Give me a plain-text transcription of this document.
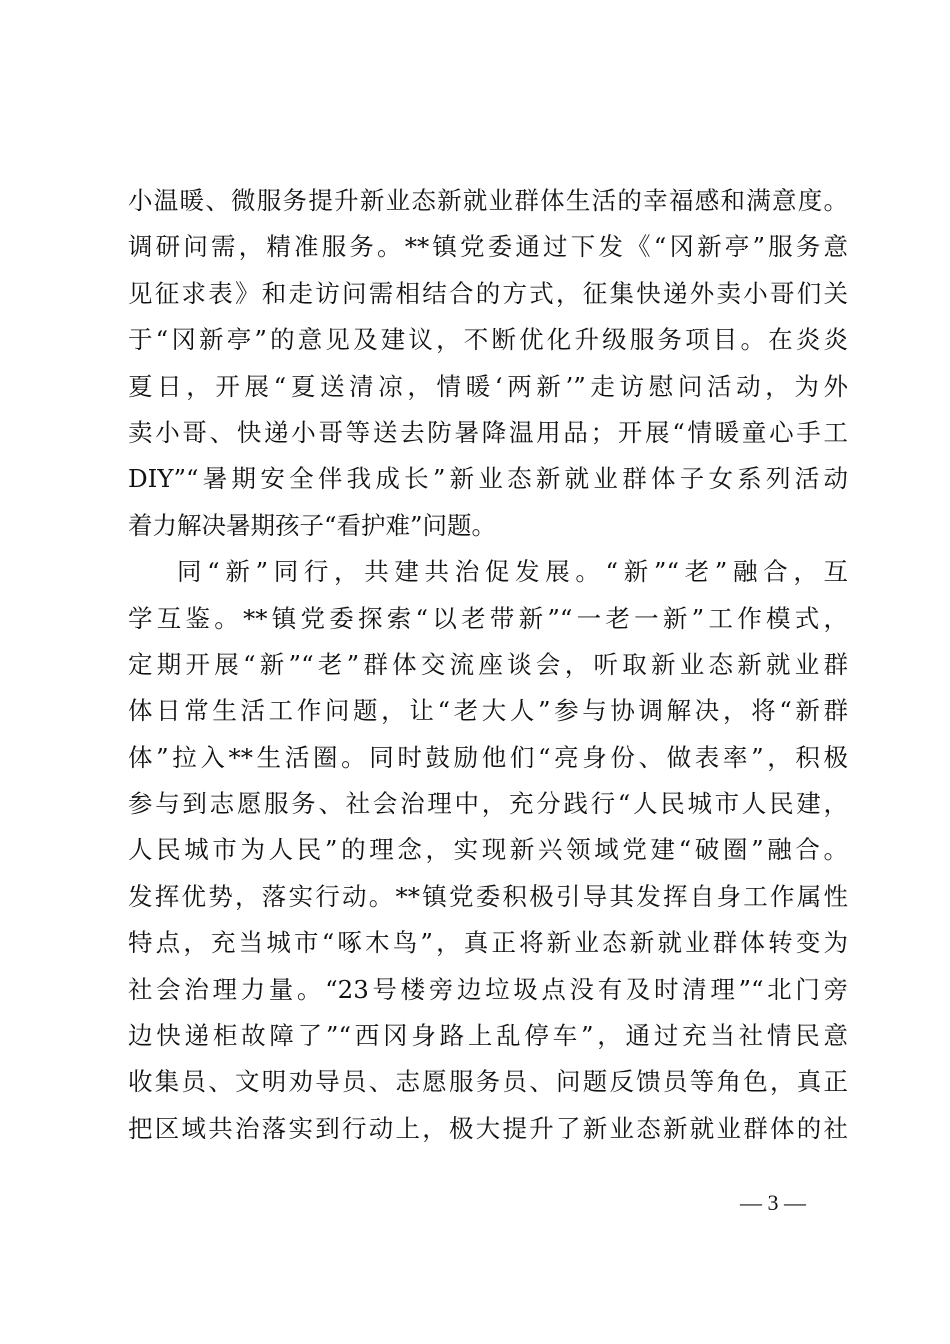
小温暖、微服务提升新业态新就业群体生活的幸福感和满意度。
调研问需，精准服务。**镇党委通过下发《“冈新亭”服务意
见征求表》和走访问需相结合的方式，征集快递外卖小哥们关
于“冈新亭”的意见及建议，不断优化升级服务项目。在炎炎
夏日，开展“夏送清凉，情暖‘两新’”走访慰问活动，为外
卖小哥、快递小哥等送去防暑降温用品；开展“情暖童心手工
DIY”“暑期安全伴我成长”新业态新就业群体子女系列活动
着力解决暑期孩子“看护难”问题。
同“新”同行，共建共治促发展。“新”“老”融合，互
学互鉴。**镇党委探索“以老带新”“一老一新”工作模式，
定期开展“新”“老”群体交流座谈会，听取新业态新就业群
体日常生活工作问题，让“老大人”参与协调解决，将“新群
体”拉入**生活圈。同时鼓励他们“亮身份、做表率”，积极
参与到志愿服务、社会治理中，充分践行“人民城市人民建，
人民城市为人民”的理念，实现新兴领域党建“破圈”融合。
发挥优势，落实行动。**镇党委积极引导其发挥自身工作属性
特点，充当城市“啄木鸟”，真正将新业态新就业群体转变为
社会治理力量。“23号楼旁边垃圾点没有及时清理”“北门旁
边快递柜故障了”“西冈身路上乱停车”，通过充当社情民意
收集员、文明劝导员、志愿服务员、问题反馈员等角色，真正
把区域共治落实到行动上，极大提升了新业态新就业群体的社
— 3 —
